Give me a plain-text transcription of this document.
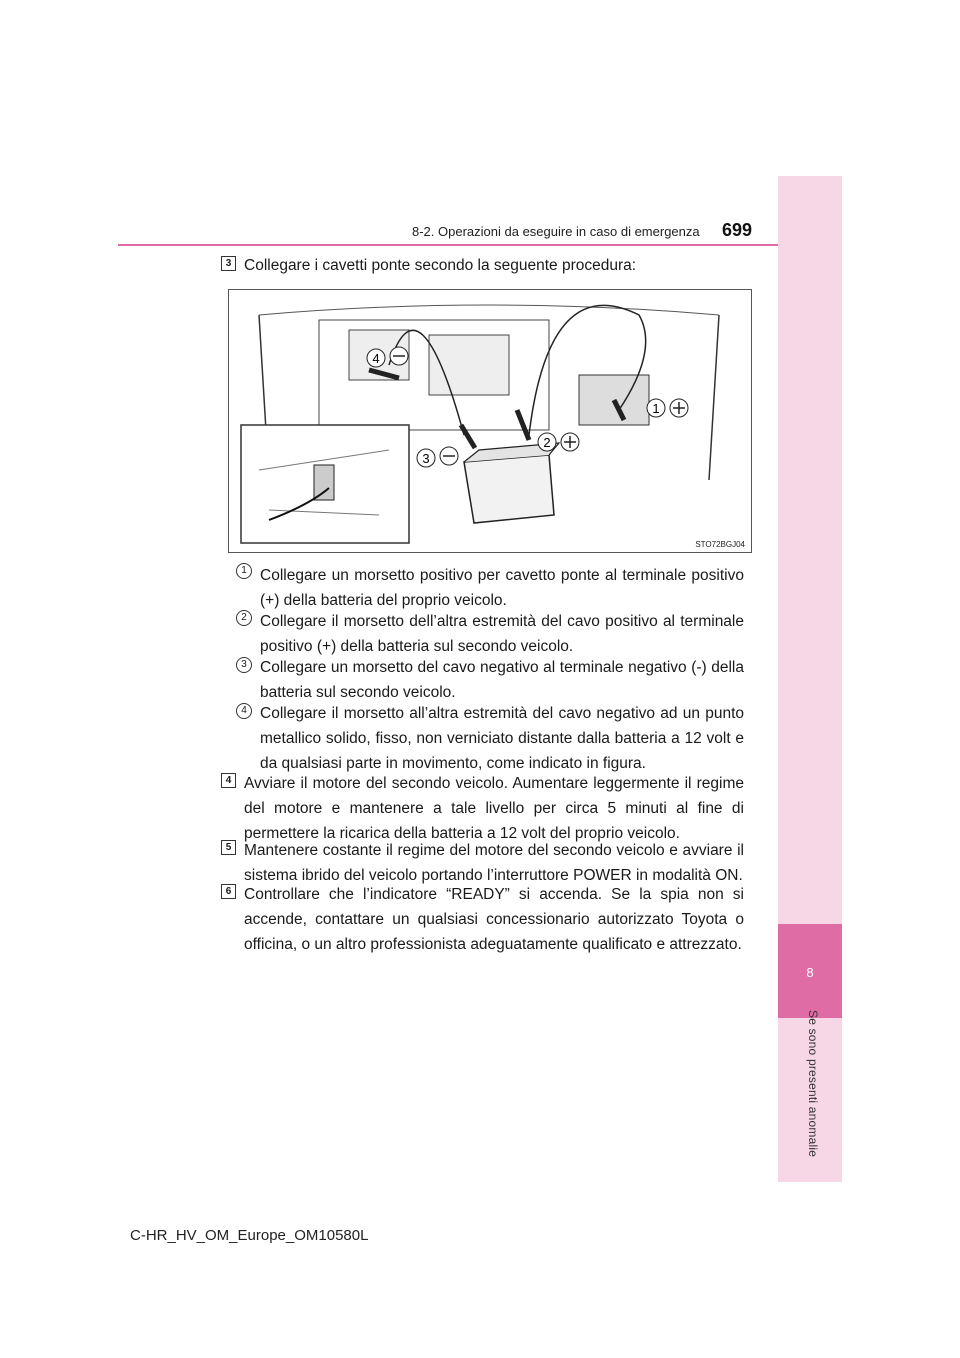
8
Se sono presenti anomalie
8-2. Operazioni da eseguire in caso di emergenza 699
3 Collegare i cavetti ponte secondo la seguente procedura:
4
1
2
3
STO72BGJ04
1 Collegare un morsetto positivo per cavetto ponte al terminale positivo (+) della batteria del proprio veicolo.
2 Collegare il morsetto dell’altra estremità del cavo positivo al terminale positivo (+) della batteria sul secondo veicolo.
3 Collegare un morsetto del cavo negativo al terminale negativo (-) della batteria sul secondo veicolo.
4 Collegare il morsetto all’altra estremità del cavo negativo ad un punto metallico solido, fisso, non verniciato distante dalla batteria a 12 volt e da qualsiasi parte in movimento, come indicato in figura.
4 Avviare il motore del secondo veicolo. Aumentare leggermente il regime del motore e mantenere a tale livello per circa 5 minuti al fine di permettere la ricarica della batteria a 12 volt del proprio veicolo.
5 Mantenere costante il regime del motore del secondo veicolo e avviare il sistema ibrido del veicolo portando l’interruttore POWER in modalità ON.
6 Controllare che l’indicatore “READY” si accenda. Se la spia non si accende, contattare un qualsiasi concessionario autorizzato Toyota o officina, o un altro professionista adeguatamente qualificato e attrezzato.
C-HR_HV_OM_Europe_OM10580L
